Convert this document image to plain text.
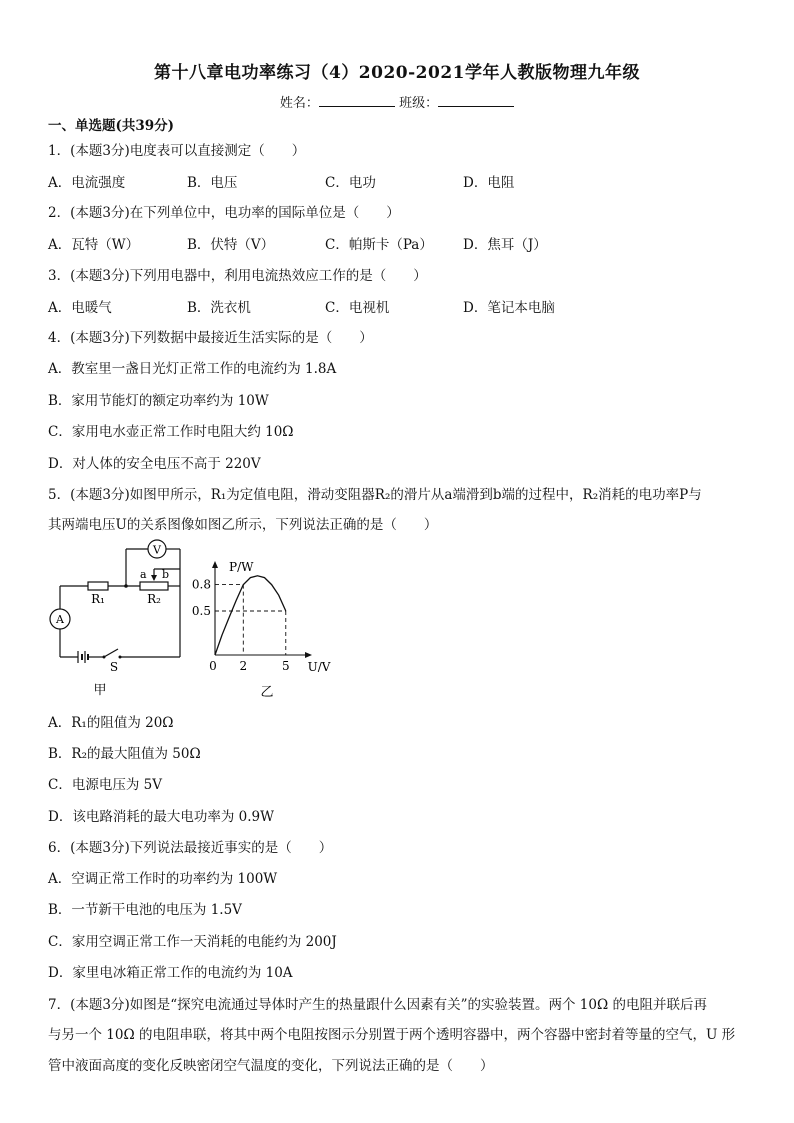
第十八章电功率练习（4）2020-2021学年人教版物理九年级
姓名：	班级：
一、单选题(共39分)
1．(本题3分)电度表可以直接测定（　　）
A．电流强度	B．电压	C．电功	D．电阻
2．(本题3分)在下列单位中，电功率的国际单位是（　　）
A．瓦特（W）	B．伏特（V）	C．帕斯卡（Pa） D．焦耳（J）
3．(本题3分)下列用电器中，利用电流热效应工作的是（　　）
A．电暖气	B．洗衣机	C．电视机	D．笔记本电脑
4．(本题3分)下列数据中最接近生活实际的是（　　）
A．教室里一盏日光灯正常工作的电流约为 1.8A
B．家用节能灯的额定功率约为 10W
C．家用电水壶正常工作时电阻大约 10Ω
D．对人体的安全电压不高于 220V
5．(本题3分)如图甲所示，R₁为定值电阻，滑动变阻器R₂的滑片从a端滑到b端的过程中，R₂消耗的电功率P与
其两端电压U的关系图像如图乙所示，下列说法正确的是（　　）
V
A
R₁	R₂
a b
S
甲
P/W
U/V
0.5
0.8
0 2	5
乙
A．R₁的阻值为 20Ω
B．R₂的最大阻值为 50Ω
C．电源电压为 5V
D．该电路消耗的最大电功率为 0.9W
6．(本题3分)下列说法最接近事实的是（　　）
A．空调正常工作时的功率约为 100W
B．一节新干电池的电压为 1.5V
C．家用空调正常工作一天消耗的电能约为 200J
D．家里电冰箱正常工作的电流约为 10A
7．(本题3分)如图是“探究电流通过导体时产生的热量跟什么因素有关”的实验装置。两个 10Ω 的电阻并联后再
与另一个 10Ω 的电阻串联，将其中两个电阻按图示分别置于两个透明容器中，两个容器中密封着等量的空气，U 形
管中液面高度的变化反映密闭空气温度的变化，下列说法正确的是（　　）
